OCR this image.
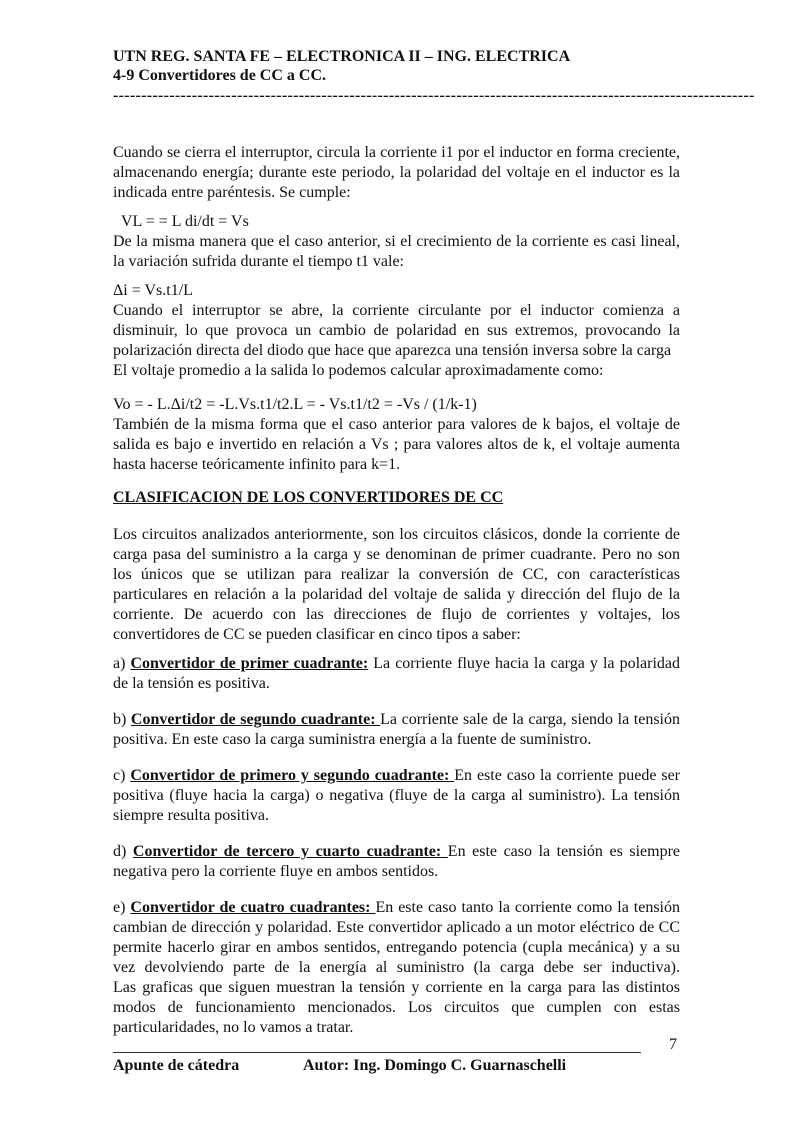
UTN REG. SANTA FE – ELECTRONICA II – ING. ELECTRICA
4-9 Convertidores de CC a CC.
------------------------------------------------------------------------------------------------------------------
Cuando se cierra el interruptor, circula la corriente i1 por el inductor en forma creciente,
almacenando energía; durante este periodo, la polaridad del voltaje en el inductor es la
indicada entre paréntesis. Se cumple:
VL = = L di/dt = Vs
De la misma manera que el caso anterior, si el crecimiento de la corriente es casi lineal,
la variación sufrida durante el tiempo t1 vale:
Δi = Vs.t1/L
Cuando el interruptor se abre, la corriente circulante por el inductor comienza a
disminuir, lo que provoca un cambio de polaridad en sus extremos, provocando la
polarización directa del diodo que hace que aparezca una tensión inversa sobre la carga
El voltaje promedio a la salida lo podemos calcular aproximadamente como:
Vo = - L.Δi/t2 = -L.Vs.t1/t2.L = - Vs.t1/t2 = -Vs / (1/k-1)
También de la misma forma que el caso anterior para valores de k bajos, el voltaje de
salida es bajo e invertido en relación a Vs ; para valores altos de k, el voltaje aumenta
hasta hacerse teóricamente infinito para k=1.
CLASIFICACION DE LOS CONVERTIDORES DE CC
Los circuitos analizados anteriormente, son los circuitos clásicos, donde la corriente de
carga pasa del suministro a la carga y se denominan de primer cuadrante. Pero no son
los únicos que se utilizan para realizar la conversión de CC, con características
particulares en relación a la polaridad del voltaje de salida y dirección del flujo de la
corriente. De acuerdo con las direcciones de flujo de corrientes y voltajes, los
convertidores de CC se pueden clasificar en cinco tipos a saber:
a) Convertidor de primer cuadrante: La corriente fluye hacia la carga y la polaridad
de la tensión es positiva.
b) Convertidor de segundo cuadrante: La corriente sale de la carga, siendo la tensión
positiva. En este caso la carga suministra energía a la fuente de suministro.
c) Convertidor de primero y segundo cuadrante: En este caso la corriente puede ser
positiva (fluye hacia la carga) o negativa (fluye de la carga al suministro). La tensión
siempre resulta positiva.
d) Convertidor de tercero y cuarto cuadrante: En este caso la tensión es siempre
negativa pero la corriente fluye en ambos sentidos.
e) Convertidor de cuatro cuadrantes: En este caso tanto la corriente como la tensión
cambian de dirección y polaridad. Este convertidor aplicado a un motor eléctrico de CC
permite hacerlo girar en ambos sentidos, entregando potencia (cupla mecánica) y a su
vez devolviendo parte de la energía al suministro (la carga debe ser inductiva).
Las graficas que siguen muestran la tensión y corriente en la carga para las distintos
modos de funcionamiento mencionados. Los circuitos que cumplen con estas
particularidades, no lo vamos a tratar.
7
Apunte de cátedra	Autor: Ing. Domingo C. Guarnaschelli
